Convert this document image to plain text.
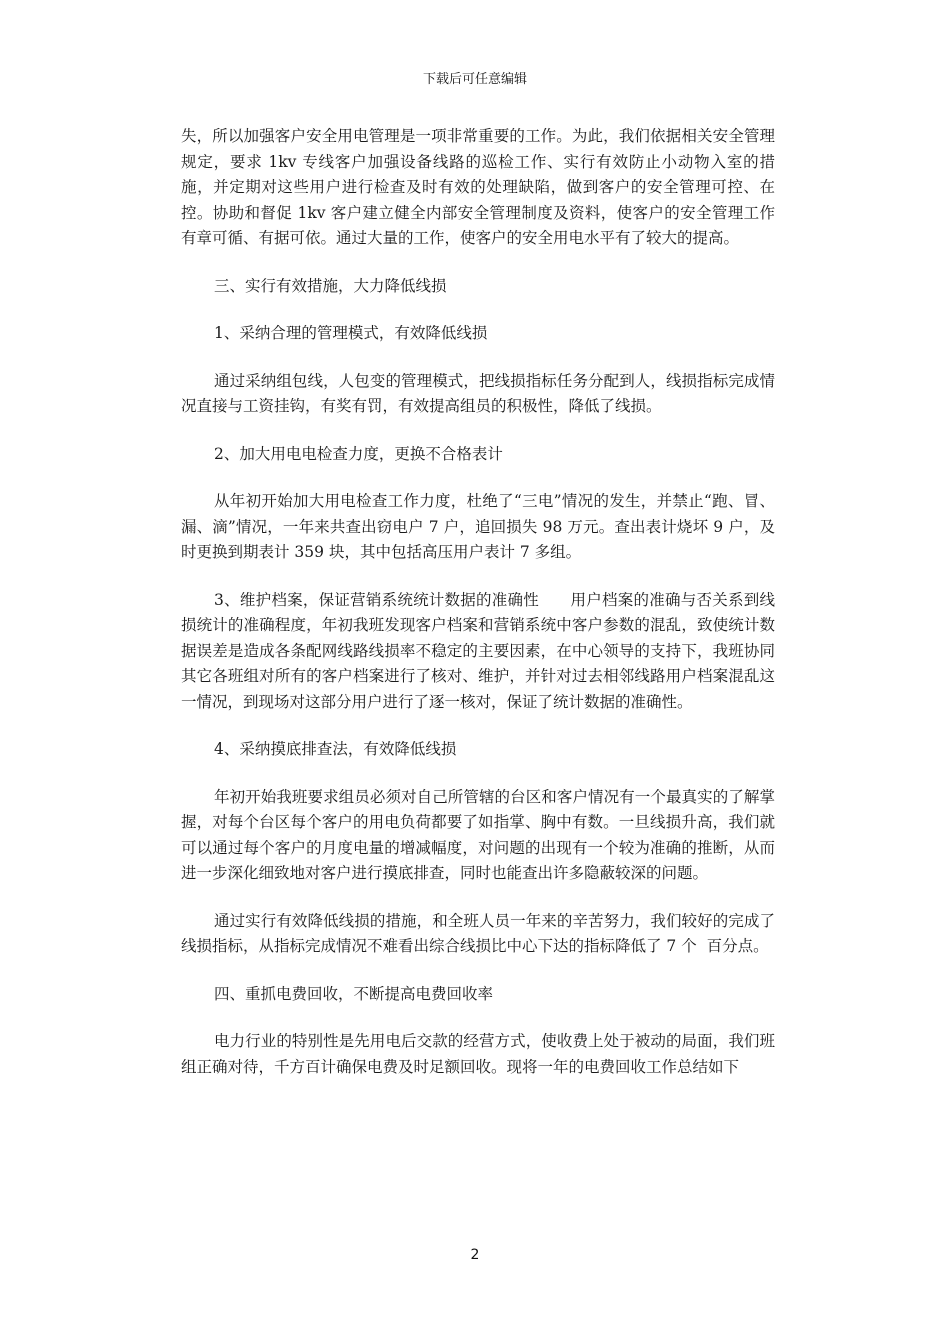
下载后可任意编辑

失，所以加强客户安全用电管理是一项非常重要的工作。为此，我们依据相关安全管理规定，要求 1kv 专线客户加强设备线路的巡检工作、实行有效防止小动物入室的措施，并定期对这些用户进行检查及时有效的处理缺陷，做到客户的安全管理可控、在控。协助和督促 1kv 客户建立健全内部安全管理制度及资料，使客户的安全管理工作有章可循、有据可依。通过大量的工作，使客户的安全用电水平有了较大的提高。

三、实行有效措施，大力降低线损

1、采纳合理的管理模式，有效降低线损

通过采纳组包线，人包变的管理模式，把线损指标任务分配到人，线损指标完成情况直接与工资挂钩，有奖有罚，有效提高组员的积极性，降低了线损。

2、加大用电电检查力度，更换不合格表计

从年初开始加大用电检查工作力度，杜绝了“三电”情况的发生，并禁止“跑、冒、漏、滴”情况，一年来共查出窃电户 7 户，追回损失 98 万元。查出表计烧坏 9 户，及时更换到期表计 359 块，其中包括高压用户表计 7 多组。

3、维护档案，保证营销系统统计数据的准确性　　用户档案的准确与否关系到线损统计的准确程度，年初我班发现客户档案和营销系统中客户参数的混乱，致使统计数据误差是造成各条配网线路线损率不稳定的主要因素，在中心领导的支持下，我班协同其它各班组对所有的客户档案进行了核对、维护，并针对过去相邻线路用户档案混乱这一情况，到现场对这部分用户进行了逐一核对，保证了统计数据的准确性。

4、采纳摸底排查法，有效降低线损

年初开始我班要求组员必须对自己所管辖的台区和客户情况有一个最真实的了解掌握，对每个台区每个客户的用电负荷都要了如指掌、胸中有数。一旦线损升高，我们就可以通过每个客户的月度电量的增减幅度，对问题的出现有一个较为准确的推断，从而进一步深化细致地对客户进行摸底排查，同时也能查出许多隐蔽较深的问题。

通过实行有效降低线损的措施，和全班人员一年来的辛苦努力，我们较好的完成了线损指标，从指标完成情况不难看出综合线损比中心下达的指标降低了 7 个  百分点。

四、重抓电费回收，不断提高电费回收率

电力行业的特别性是先用电后交款的经营方式，使收费上处于被动的局面，我们班组正确对待，千方百计确保电费及时足额回收。现将一年的电费回收工作总结如下

2
